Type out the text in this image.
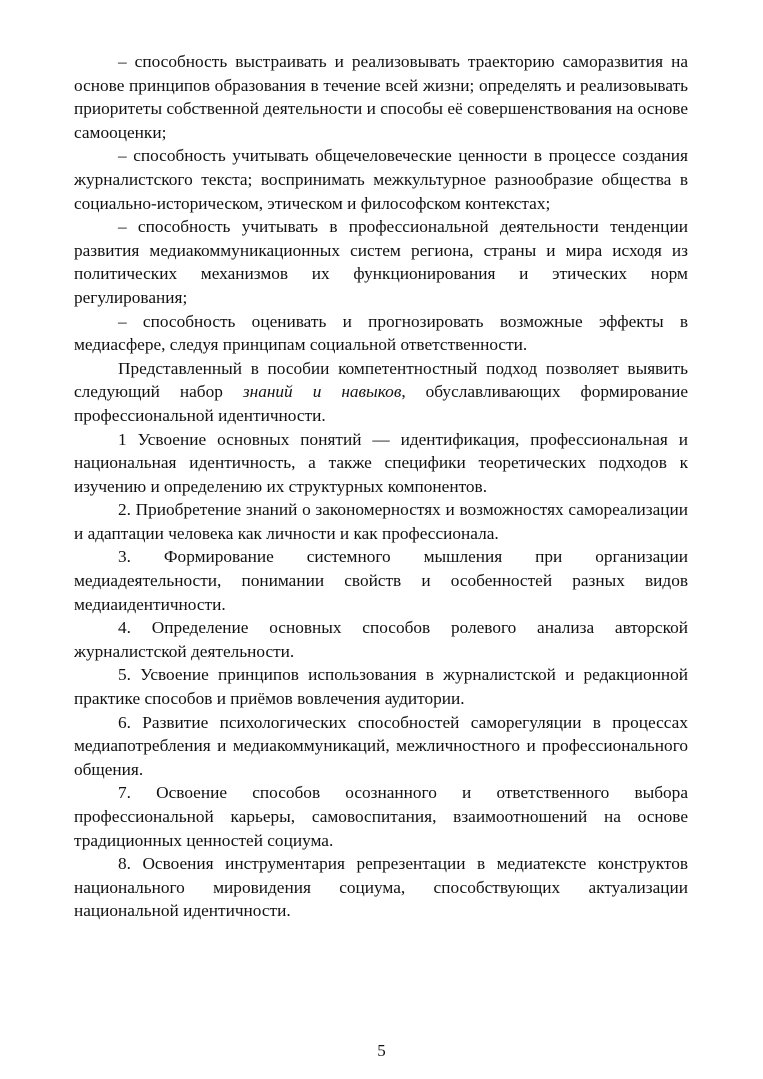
– способность выстраивать и реализовывать траекторию саморазвития на основе принципов образования в течение всей жизни; определять и реализовывать приоритеты собственной деятельности и способы её совершенствования на основе самооценки;

– способность учитывать общечеловеческие ценности в процессе создания журналистского текста; воспринимать межкультурное разнообразие общества в социально-историческом, этическом и философском контекстах;

– способность учитывать в профессиональной деятельности тенденции развития медиакоммуникационных систем региона, страны и мира исходя из политических механизмов их функционирования и этических норм регулирования;

– способность оценивать и прогнозировать возможные эффекты в медиасфере, следуя принципам социальной ответственности.

Представленный в пособии компетентностный подход позволяет выявить следующий набор знаний и навыков, обуславливающих формирование профессиональной идентичности.

1 Усвоение основных понятий — идентификация, профессиональная и национальная идентичность, а также специфики теоретических подходов к изучению и определению их структурных компонентов.

2. Приобретение знаний о закономерностях и возможностях самореализации и адаптации человека как личности и как профессионала.

3. Формирование системного мышления при организации медиадеятельности, понимании свойств и особенностей разных видов медиаидентичности.

4. Определение основных способов ролевого анализа авторской журналистской деятельности.

5. Усвоение принципов использования в журналистской и редакционной практике способов и приёмов вовлечения аудитории.

6. Развитие психологических способностей саморегуляции в процессах медиапотребления и медиакоммуникаций, межличностного и профессионального общения.

7. Освоение способов осознанного и ответственного выбора профессиональной карьеры, самовоспитания, взаимоотношений на основе традиционных ценностей социума.

8. Освоения инструментария репрезентации в медиатексте конструктов национального мировидения социума, способствующих актуализации национальной идентичности.

5
